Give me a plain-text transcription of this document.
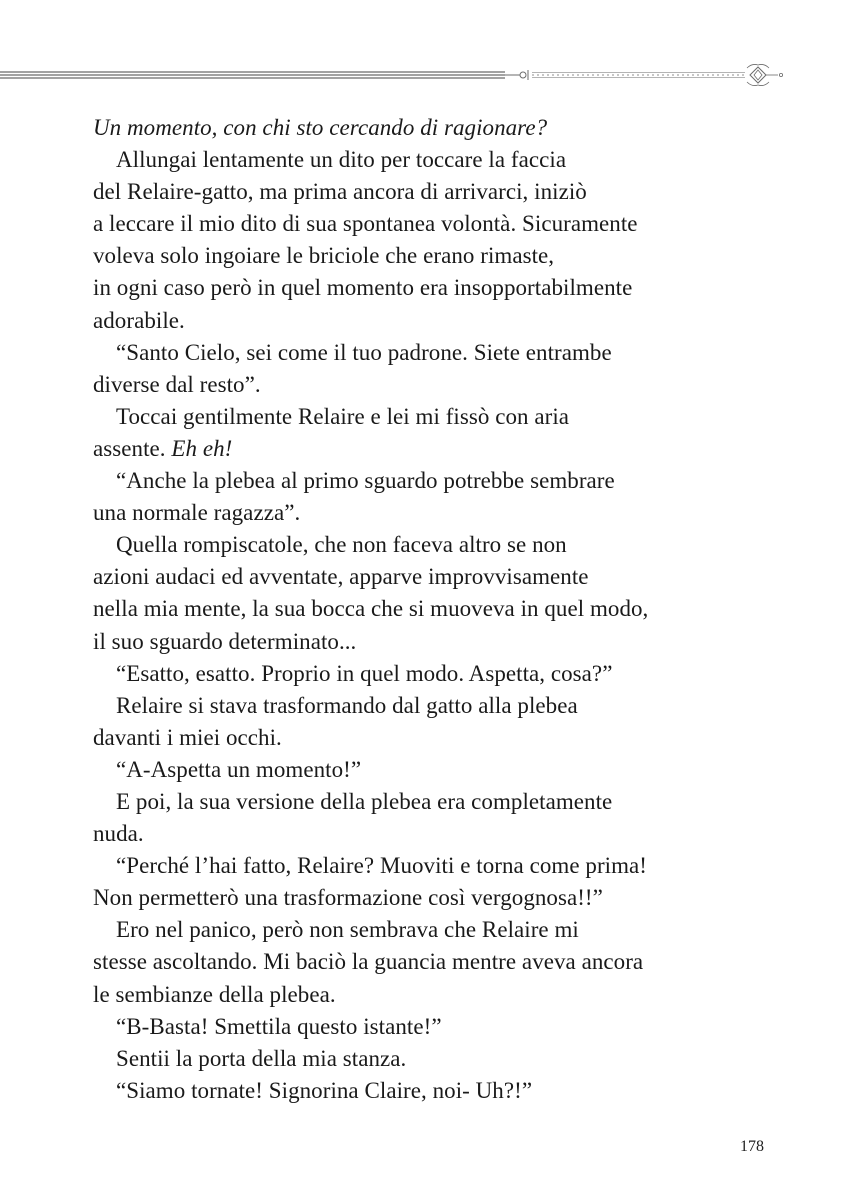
Un momento, con chi sto cercando di ragionare?
Allungai lentamente un dito per toccare la faccia
del Relaire-gatto, ma prima ancora di arrivarci, iniziò
a leccare il mio dito di sua spontanea volontà. Sicuramente
voleva solo ingoiare le briciole che erano rimaste,
in ogni caso però in quel momento era insopportabilmente
adorabile.
“Santo Cielo, sei come il tuo padrone. Siete entrambe
diverse dal resto”.
Toccai gentilmente Relaire e lei mi fissò con aria
assente. Eh eh!
“Anche la plebea al primo sguardo potrebbe sembrare
una normale ragazza”.
Quella rompiscatole, che non faceva altro se non
azioni audaci ed avventate, apparve improvvisamente
nella mia mente, la sua bocca che si muoveva in quel modo,
il suo sguardo determinato...
“Esatto, esatto. Proprio in quel modo. Aspetta, cosa?”
Relaire si stava trasformando dal gatto alla plebea
davanti i miei occhi.
“A-Aspetta un momento!”
E poi, la sua versione della plebea era completamente
nuda.
“Perché l’hai fatto, Relaire? Muoviti e torna come prima!
Non permetterò una trasformazione così vergognosa!!”
Ero nel panico, però non sembrava che Relaire mi
stesse ascoltando. Mi baciò la guancia mentre aveva ancora
le sembianze della plebea.
“B-Basta! Smettila questo istante!”
Sentii la porta della mia stanza.
“Siamo tornate! Signorina Claire, noi- Uh?!”
178
